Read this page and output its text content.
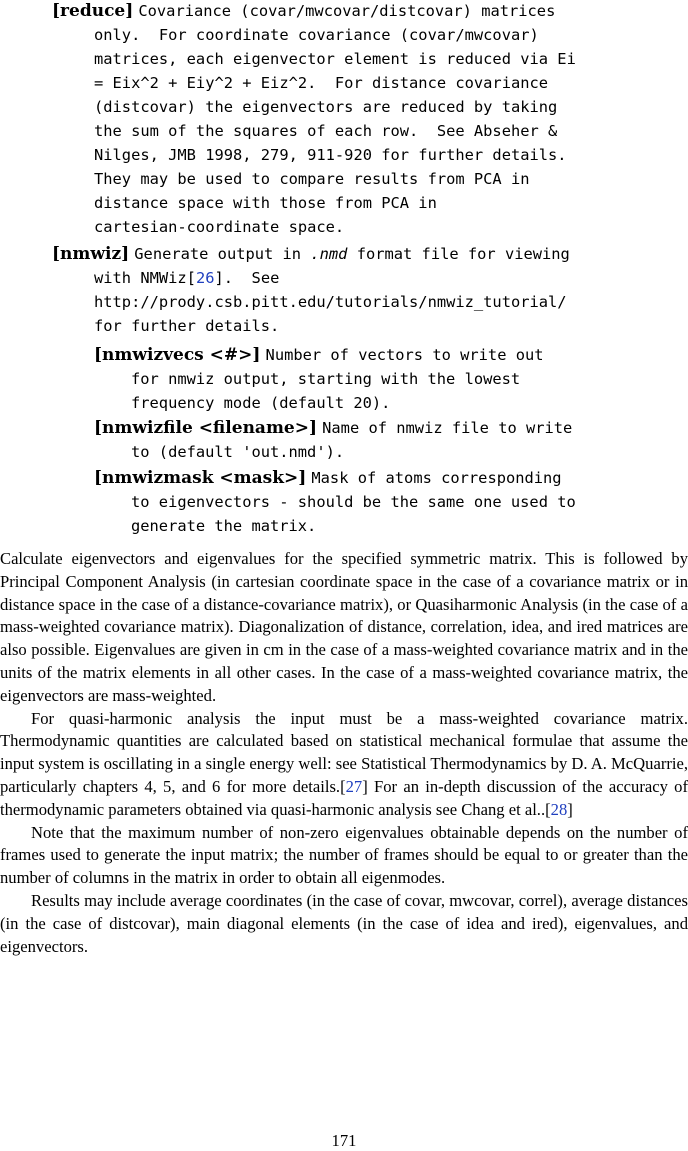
[reduce] Covariance (covar/mwcovar/distcovar) matrices
only.  For coordinate covariance (covar/mwcovar)
matrices, each eigenvector element is reduced via Ei
= Eix^2 + Eiy^2 + Eiz^2.  For distance covariance
(distcovar) the eigenvectors are reduced by taking
the sum of the squares of each row.  See Abseher &
Nilges, JMB 1998, 279, 911-920 for further details.
They may be used to compare results from PCA in
distance space with those from PCA in
cartesian-coordinate space.
[nmwiz] Generate output in .nmd format file for viewing
with NMWiz[26].  See
http://prody.csb.pitt.edu/tutorials/nmwiz_tutorial/
for further details.
[nmwizvecs <#>] Number of vectors to write out
for nmwiz output, starting with the lowest
frequency mode (default 20).
[nmwizfile <filename>] Name of nmwiz file to write
to (default 'out.nmd').
[nmwizmask <mask>] Mask of atoms corresponding
to eigenvectors - should be the same one used to
generate the matrix.

Calculate eigenvectors and eigenvalues for the specified symmetric matrix. This is followed by Principal Component Analysis (in cartesian coordinate space in the case of a covariance matrix or in distance space in the case of a distance-covariance matrix), or Quasiharmonic Analysis (in the case of a mass-weighted covariance matrix). Diagonalization of distance, correlation, idea, and ired matrices are also possible. Eigenvalues are given in cm in the case of a mass-weighted covariance matrix and in the units of the matrix elements in all other cases. In the case of a mass-weighted covariance matrix, the eigenvectors are mass-weighted.

For quasi-harmonic analysis the input must be a mass-weighted covariance matrix. Thermodynamic quantities are calculated based on statistical mechanical formulae that assume the input system is oscillating in a single energy well: see Statistical Thermodynamics by D. A. McQuarrie, particularly chapters 4, 5, and 6 for more details.[27] For an in-depth discussion of the accuracy of thermodynamic parameters obtained via quasi-harmonic analysis see Chang et al..[28]

Note that the maximum number of non-zero eigenvalues obtainable depends on the number of frames used to generate the input matrix; the number of frames should be equal to or greater than the number of columns in the matrix in order to obtain all eigenmodes.

Results may include average coordinates (in the case of covar, mwcovar, correl), average distances (in the case of distcovar), main diagonal elements (in the case of idea and ired), eigenvalues, and eigenvectors.

171
